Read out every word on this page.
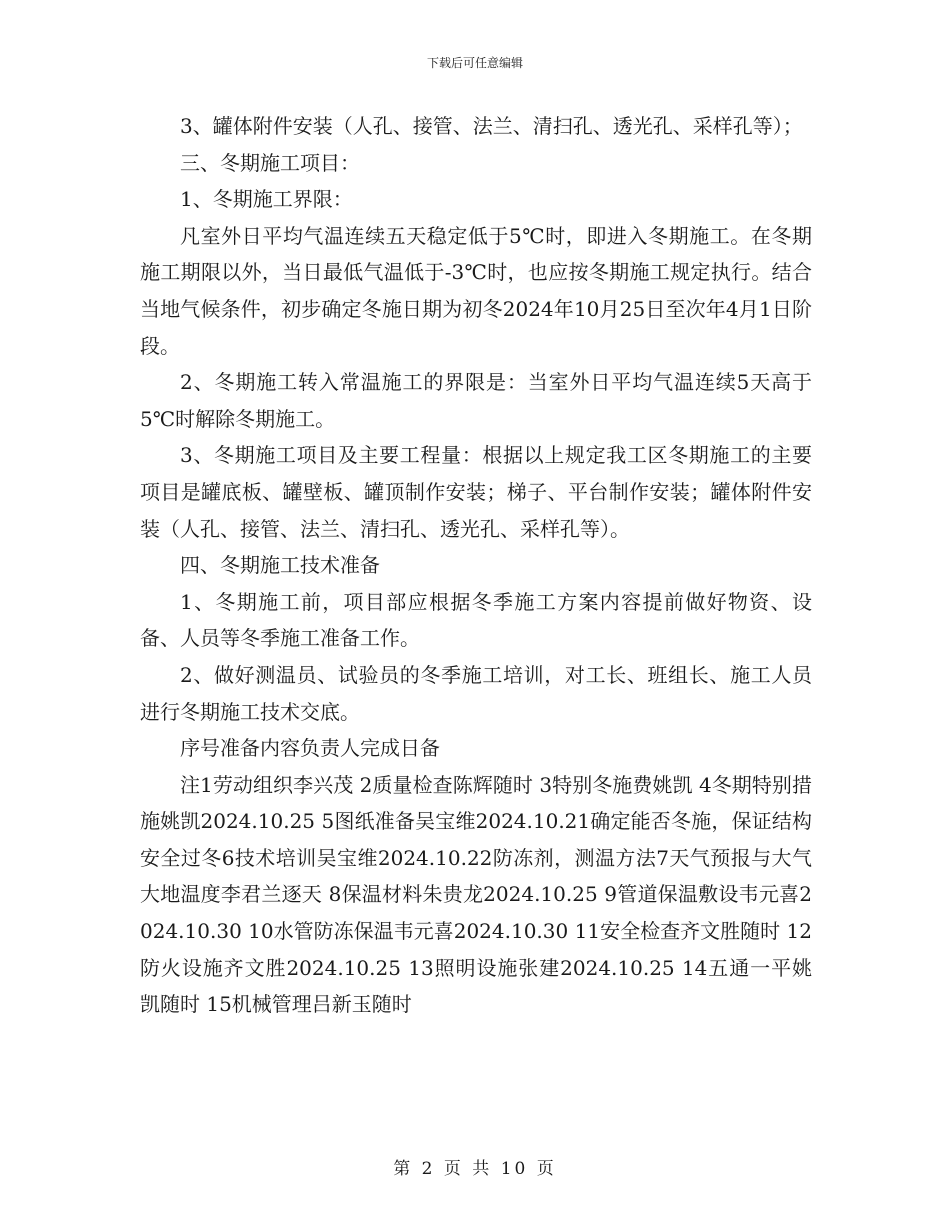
下载后可任意编辑

3、罐体附件安装（人孔、接管、法兰、清扫孔、透光孔、采样孔等）；

三、冬期施工项目：

1、冬期施工界限：

凡室外日平均气温连续五天稳定低于5℃时，即进入冬期施工。在冬期施工期限以外，当日最低气温低于-3℃时，也应按冬期施工规定执行。结合当地气候条件，初步确定冬施日期为初冬2024年10月25日至次年4月1日阶段。

2、冬期施工转入常温施工的界限是：当室外日平均气温连续5天高于5℃时解除冬期施工。

3、冬期施工项目及主要工程量：根据以上规定我工区冬期施工的主要项目是罐底板、罐壁板、罐顶制作安装；梯子、平台制作安装；罐体附件安装（人孔、接管、法兰、清扫孔、透光孔、采样孔等）。

四、冬期施工技术准备

1、冬期施工前，项目部应根据冬季施工方案内容提前做好物资、设备、人员等冬季施工准备工作。

2、做好测温员、试验员的冬季施工培训，对工长、班组长、施工人员进行冬期施工技术交底。

序号准备内容负责人完成日备

注1劳动组织李兴茂 2质量检查陈辉随时 3特别冬施费姚凯 4冬期特别措施姚凯2024.10.25 5图纸准备吴宝维2024.10.21确定能否冬施，保证结构安全过冬6技术培训吴宝维2024.10.22防冻剂，测温方法7天气预报与大气大地温度李君兰逐天 8保温材料朱贵龙2024.10.25 9管道保温敷设韦元喜2024.10.30 10水管防冻保温韦元喜2024.10.30 11安全检查齐文胜随时 12防火设施齐文胜2024.10.25 13照明设施张建2024.10.25 14五通一平姚凯随时 15机械管理吕新玉随时

第 2 页 共 10 页
